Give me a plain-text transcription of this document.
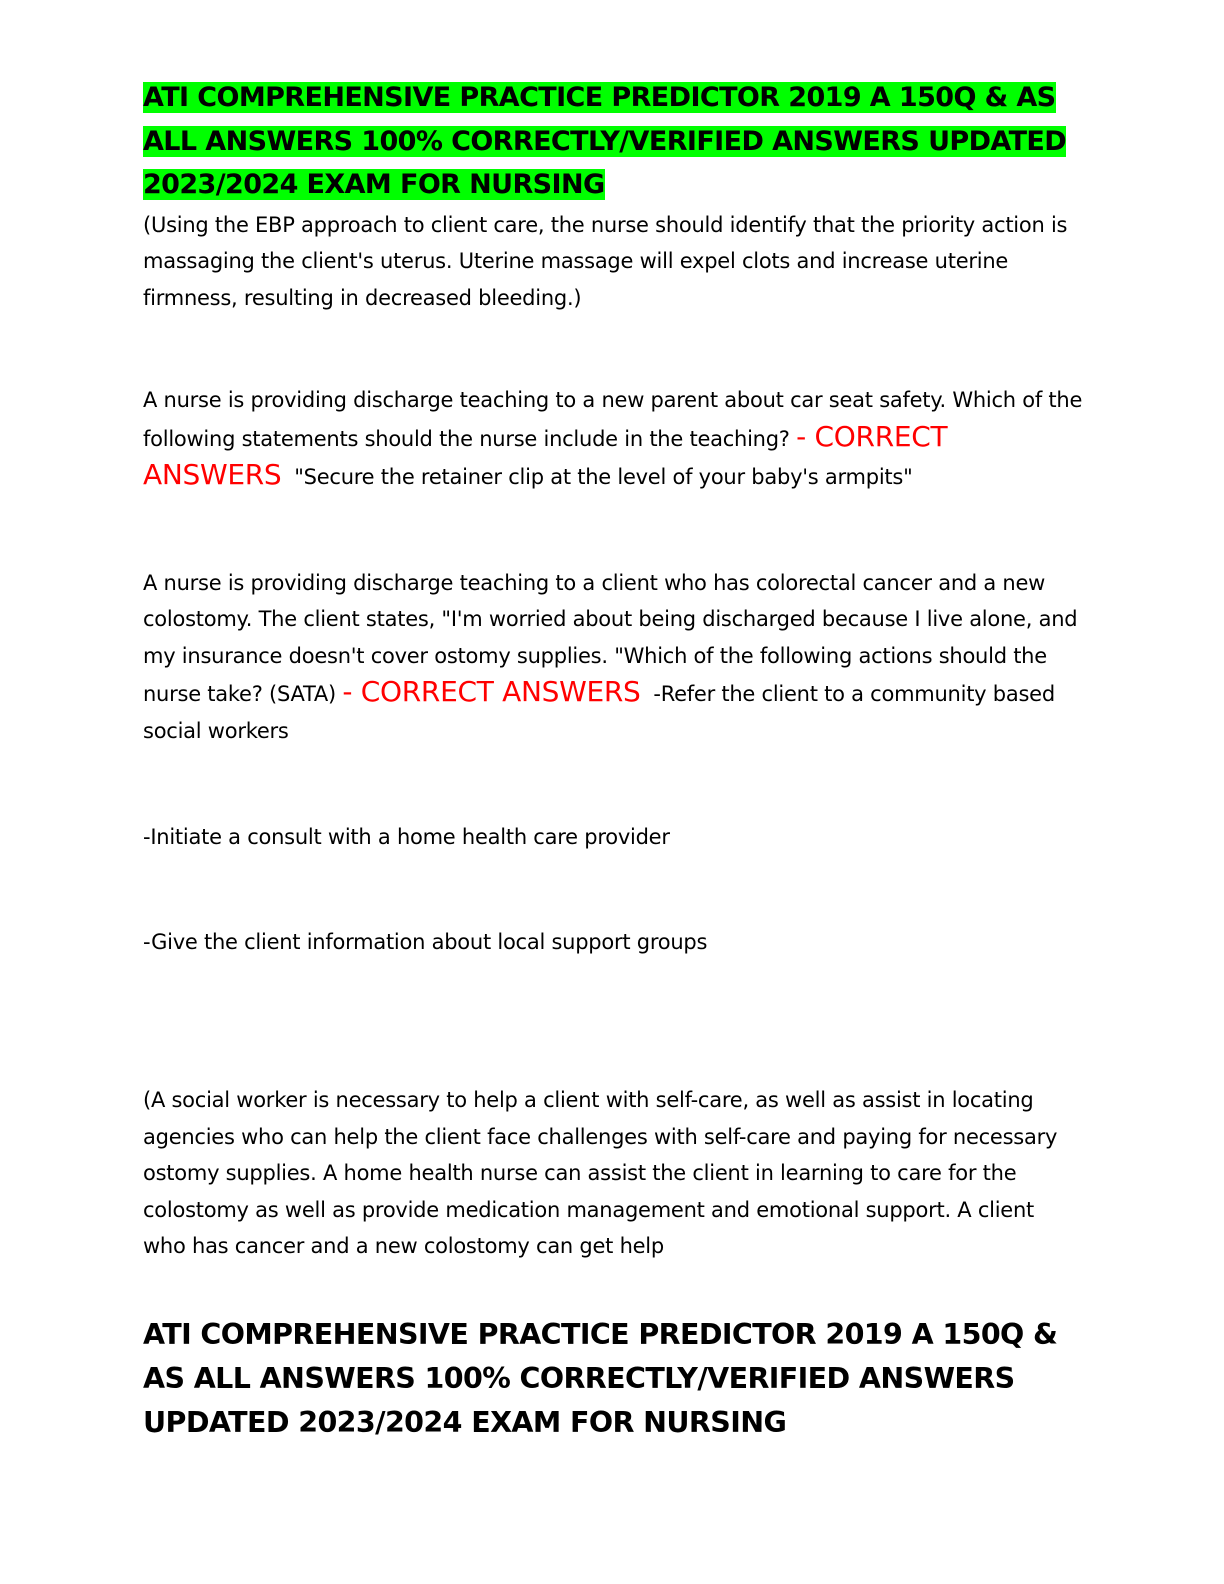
ATI COMPREHENSIVE PRACTICE PREDICTOR 2019 A 150Q & AS ALL ANSWERS 100% CORRECTLY/VERIFIED ANSWERS UPDATED 2023/2024 EXAM FOR NURSING

(Using the EBP approach to client care, the nurse should identify that the priority action is massaging the client's uterus. Uterine massage will expel clots and increase uterine firmness, resulting in decreased bleeding.)

A nurse is providing discharge teaching to a new parent about car seat safety. Which of the following statements should the nurse include in the teaching? - CORRECT ANSWERS "Secure the retainer clip at the level of your baby's armpits"

A nurse is providing discharge teaching to a client who has colorectal cancer and a new colostomy. The client states, "I'm worried about being discharged because I live alone, and my insurance doesn't cover ostomy supplies. "Which of the following actions should the nurse take? (SATA) - CORRECT ANSWERS -Refer the client to a community based social workers

-Initiate a consult with a home health care provider

-Give the client information about local support groups

(A social worker is necessary to help a client with self-care, as well as assist in locating agencies who can help the client face challenges with self-care and paying for necessary ostomy supplies. A home health nurse can assist the client in learning to care for the colostomy as well as provide medication management and emotional support. A client who has cancer and a new colostomy can get help

ATI COMPREHENSIVE PRACTICE PREDICTOR 2019 A 150Q & AS ALL ANSWERS 100% CORRECTLY/VERIFIED ANSWERS UPDATED 2023/2024 EXAM FOR NURSING
